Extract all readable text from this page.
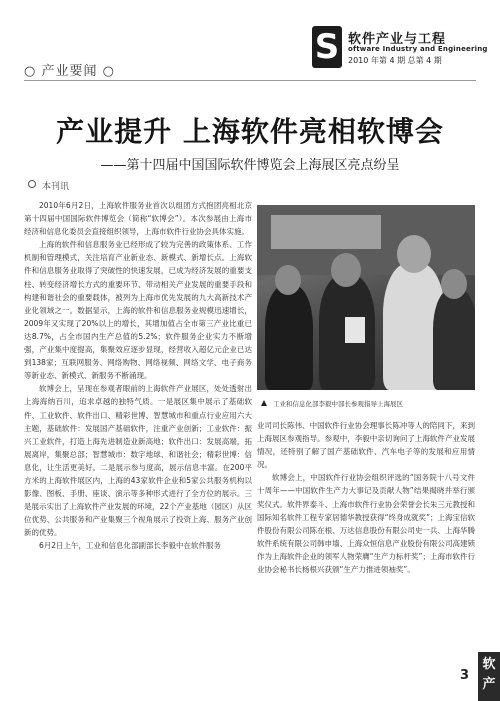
○ 产业要闻 ○
S 软件产业与工程
oftware Industry and Engineering
2010 年第 4 期 总第 4 期
产业提升 上海软件亮相软博会
——第十四届中国国际软件博览会上海展区亮点纷呈
本刊讯

2010年6月2日，上海软件服务业首次以组团方式抱团亮相北京第十四届中国国际软件博览会（简称“软博会”）。本次参展由上海市经济和信息化委员会直接组织领导，上海市软件行业协会具体实施。

上海的软件和信息服务业已经形成了较为完善的政策体系、工作机制和管理模式，关注培育产业新业态、新模式、新增长点。上海软件和信息服务业取得了突破性的快速发展，已成为经济发展的重要支柱、转变经济增长方式的重要环节、带动相关产业发展的重要手段和构建和谐社会的重要载体，被列为上海市优先发展的九大高新技术产业化领域之一。数据显示，上海的软件和信息服务业规模迅速增长，2009年又实现了20%以上的增长，其增加值占全市第三产业比重已达8.7%，占全市国内生产总值的5.2%；软件服务企业实力不断增强，产业集中度提高，集聚效应逐步显现，经营收入超亿元企业已达到138家；互联网服务、网络购物、网络视频、网络文学、电子商务等新业态、新模式、新服务不断涌现。

软博会上，呈现在参观者眼前的上海软件产业展区，处处透射出上海海纳百川，追求卓越的独特气质。一是展区集中展示了基础软件、工业软件、软件出口、精彩世博、智慧城市和重点行业应用六大主题，基础软件：发展国产基础软件，注重产业创新；工业软件：振兴工业软件，打造上海先进制造业新高地；软件出口：发展高端，拓展离岸，集聚总部；智慧城市：数字地球、和谐社会；精彩世博：信息化，让生活更美好。二是展示参与度高，展示信息丰富。在200平方米的上海软件展区内，上海的43家软件企业和5家公共服务机构以影像、图板、手册、座谈、演示等多种形式进行了全方位的展示。三是展示实出了上海软件产业发展的环境，22个产业基地（园区）从区位优势、公共服务和产业集聚三个视角展示了投资上海、服务产业创新的优势。

6月2日上午，工业和信息化部副部长李毅中在软件服务

工业和信息化部李毅中部长参观指导上海展区

业司司长陈伟、中国软件行业协会理事长陈冲等人的陪同下，来到上海展区参观指导。参观中，李毅中亲切询问了上海软件产业发展情况，还特别了解了国产基础软件、汽车电子等的发展和应用情况。

软博会上，中国软件行业协会组织评选的“国务院十八号文件十周年——中国软件生产力大事记及贡献人物”结果揭晓并举行颁奖仪式。软件界泰斗、上海市软件行业协会荣誉会长朱三元教授和国际知名软件工程专家居德华教授获得“终身成就奖”；上海宝信软件股份有限公司陈在根、万达信息股份有限公司史一兵、上海华腾软件系统有限公司韩申墙、上海众恒信息产业股份有限公司高建锁作为上海软件企业的领军人物荣膺“生产力标杆奖”；上海市软件行业协会秘书长杨根兴获颁“生产力推进领袖奖”。

3
软 产
